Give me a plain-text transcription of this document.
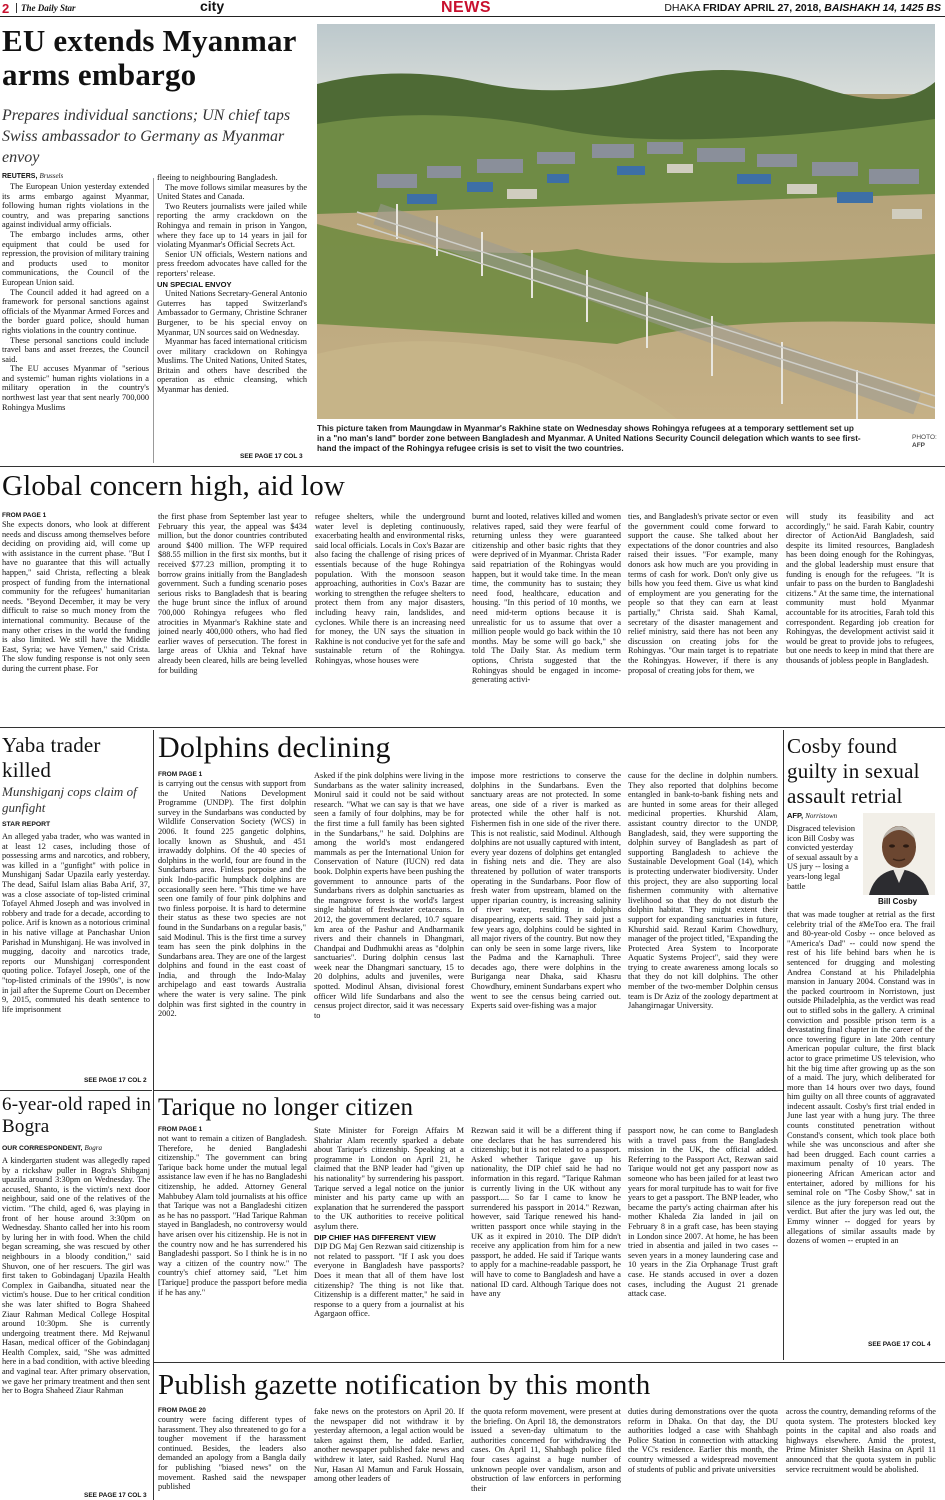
2	The Daily Star	city	NEWS	DHAKA FRIDAY APRIL 27, 2018, BAISHAKH 14, 1425 BS
EU extends Myanmar arms embargo
Prepares individual sanctions; UN chief taps Swiss ambassador to Germany as Myanmar envoy
REUTERS, Brussels

The European Union yesterday extended its arms embargo against Myanmar, following human rights violations in the country, and was preparing sanctions against individual army officials.

The embargo includes arms, other equipment that could be used for repression, the provision of military training and products used to monitor communications, the Council of the European Union said.

The Council added it had agreed on a framework for personal sanctions against officials of the Myanmar Armed Forces and the border guard police, should human rights violations in the country continue.

These personal sanctions could include travel bans and asset freezes, the Council said.

The EU accuses Myanmar of "serious and systemic" human rights violations in a military operation in the country's northwest last year that sent nearly 700,000 Rohingya Muslims

fleeing to neighbouring Bangladesh.

The move follows similar measures by the United States and Canada.

Two Reuters journalists were jailed while reporting the army crackdown on the Rohingya and remain in prison in Yangon, where they face up to 14 years in jail for violating Myanmar's Official Secrets Act.

Senior UN officials, Western nations and press freedom advocates have called for the reporters' release.

UN SPECIAL ENVOY

United Nations Secretary-General Antonio Guterres has tapped Switzerland's Ambassador to Germany, Christine Schraner Burgener, to be his special envoy on Myanmar, UN sources said on Wednesday.

Myanmar has faced international criticism over military crackdown on Rohingya Muslims. The United Nations, United States, Britain and others have described the operation as ethnic cleansing, which Myanmar has denied.

SEE PAGE 17 COL 3
This picture taken from Maungdaw in Myanmar's Rakhine state on Wednesday shows Rohingya refugees at a temporary settlement set up in a "no man's land" border zone between Bangladesh and Myanmar. A United Nations Security Council delegation which wants to see first-hand the impact of the Rohingya refugee crisis is set to visit the two countries.
PHOTO:
AFP
Global concern high, aid low
FROM PAGE 1
She expects donors, who look at different needs and discuss among themselves before deciding on providing aid, will come up with assistance in the current phase. "But I have no guarantee that this will actually happen," said Christa, reflecting a bleak prospect of funding from the international community for the refugees' humanitarian needs. "Beyond December, it may be very difficult to raise so much money from the international community. Because of the many other crises in the world the funding is also limited. We still have the Middle East, Syria; we have Yemen," said Crista. The slow funding response is not only seen during the current phase. For
the first phase from September last year to February this year, the appeal was $434 million, but the donor countries contributed around $400 million. The WFP required $88.55 million in the first six months, but it received $77.23 million, prompting it to borrow grains initially from the Bangladesh government. Such a funding scenario poses serious risks to Bangladesh that is bearing the huge brunt since the influx of around 700,000 Rohingya refugees who fled atrocities in Myanmar's Rakhine state and joined nearly 400,000 others, who had fled earlier waves of persecution. The forest in large areas of Ukhia and Teknaf have already been cleared, hills are being levelled for building
refugee shelters, while the underground water level is depleting continuously, exacerbating health and environmental risks, said local officials. Locals in Cox's Bazar are also facing the challenge of rising prices of essentials because of the huge Rohingya population. With the monsoon season approaching, authorities in Cox's Bazar are working to strengthen the refugee shelters to protect them from any major disasters, including heavy rain, landslides, and cyclones. While there is an increasing need for money, the UN says the situation in Rakhine is not conducive yet for the safe and sustainable return of the Rohingya. Rohingyas, whose houses were
burnt and looted, relatives killed and women relatives raped, said they were fearful of returning unless they were guaranteed citizenship and other basic rights that they were deprived of in Myanmar. Christa Rader said repatriation of the Rohingyas would happen, but it would take time. In the mean time, the community has to sustain; they need food, healthcare, education and housing. "In this period of 10 months, we need mid-term options because it is unrealistic for us to assume that over a million people would go back within the 10 months. May be some will go back," she told The Daily Star. As medium term options, Christa suggested that the Rohingyas should be engaged in income-generating activi-
ties, and Bangladesh's private sector or even the government could come forward to support the cause. She talked about her expectations of the donor countries and also raised their issues. "For example, many donors ask how much are you providing in terms of cash for work. Don't only give us bills how you feed them. Give us what kind of employment are you generating for the people so that they can earn at least partially," Christa said. Shah Kamal, secretary of the disaster management and relief ministry, said there has not been any discussion on creating jobs for the Rohingyas. "Our main target is to repatriate the Rohingyas. However, if there is any proposal of creating jobs for them, we
will study its feasibility and act accordingly," he said. Farah Kabir, country director of ActionAid Bangladesh, said despite its limited resources, Bangladesh has been doing enough for the Rohingyas, and the global leadership must ensure that funding is enough for the refugees. "It is unfair to pass on the burden to Bangladeshi citizens." At the same time, the international community must hold Myanmar accountable for its atrocities, Farah told this correspondent. Regarding job creation for Rohingyas, the development activist said it would be great to provide jobs to refugees, but one needs to keep in mind that there are thousands of jobless people in Bangladesh.
Yaba trader killed
Munshiganj cops claim of gunfight
STAR REPORT
An alleged yaba trader, who was wanted in at least 12 cases, including those of possessing arms and narcotics, and robbery, was killed in a "gunfight" with police in Munshiganj Sadar Upazila early yesterday. The dead, Saiful Islam alias Baba Arif, 37, was a close associate of top-listed criminal Tofayel Ahmed Joseph and was involved in robbery and trade for a decade, according to police. Arif is known as a notorious criminal in his native village at Panchashar Union Parishad in Munshiganj. He was involved in mugging, dacoity and narcotics trade, reports our Munshiganj correspondent quoting police. Tofayel Joseph, one of the "top-listed criminals of the 1990s", is now in jail after the Supreme Court on December 9, 2015, commuted his death sentence to life imprisonment
SEE PAGE 17 COL 2
6-year-old raped in Bogra
OUR CORRESPONDENT, Bogra
A kindergarten student was allegedly raped by a rickshaw puller in Bogra's Shibganj upazila around 3:30pm on Wednesday. The accused, Shanto, is the victim's next door neighbour, said one of the relatives of the victim. "The child, aged 6, was playing in front of her house around 3:30pm on Wednesday. Shanto called her into his room by luring her in with food. When the child began screaming, she was rescued by other neighbours in a bloody condition," said Shuvon, one of her rescuers. The girl was first taken to Gobindaganj Upazila Health Complex in Gaibandha, situated near the victim's house. Due to her critical condition she was later shifted to Bogra Shaheed Ziaur Rahman Medical College Hospital around 10:30pm. She is currently undergoing treatment there. Md Rejwanul Hasan, medical officer of the Gobindaganj Health Complex, said, "She was admitted here in a bad condition, with active bleeding and vaginal tear. After primary observation, we gave her primary treatment and then sent her to Bogra Shaheed Ziaur Rahman
SEE PAGE 17 COL 3
Dolphins declining
FROM PAGE 1
is carrying out the census with support from the United Nations Development Programme (UNDP). The first dolphin survey in the Sundarbans was conducted by Wildlife Conservation Society (WCS) in 2006. It found 225 gangetic dolphins, locally known as Shushuk, and 451 irrawaddy dolphins. Of the 40 species of dolphins in the world, four are found in the Sundarbans area. Finless porpoise and the pink Indo-pacific humpback dolphins are occasionally seen here. "This time we have seen one family of four pink dolphins and two finless porpoise. It is hard to determine their status as these two species are not found in the Sundarbans on a regular basis," said Modinul. This is the first time a survey team has seen the pink dolphins in the Sundarbans area. They are one of the largest dolphins and found in the east coast of India, and through the Indo-Malay archipelago and east towards Australia where the water is very saline. The pink dolphin was first sighted in the country in 2002.
Asked if the pink dolphins were living in the Sundarbans as the water salinity increased, Monirul said it could not be said without research. "What we can say is that we have seen a family of four dolphins, may be for the first time a full family has been sighted in the Sundarbans," he said. Dolphins are among the world's most endangered mammals as per the International Union for Conservation of Nature (IUCN) red data book. Dolphin experts have been pushing the government to announce parts of the Sundarbans rivers as dolphin sanctuaries as the mangrove forest is the world's largest single habitat of freshwater cetaceans. In 2012, the government declared, 10.7 square km area of the Pashur and Andharmanik rivers and their channels in Dhangmari, Chandpai and Dudhmukhi areas as "dolphin sanctuaries". During dolphin census last week near the Dhangmari sanctuary, 15 to 20 dolphins, adults and juveniles, were spotted. Modinul Ahsan, divisional forest officer Wild life Sundarbans and also the census project director, said it was necessary to
impose more restrictions to conserve the dolphins in the Sundarbans. Even the sanctuary areas are not protected. In some areas, one side of a river is marked as protected while the other half is not. Fishermen fish in one side of the river there. This is not realistic, said Modinul. Although dolphins are not usually captured with intent, every year dozens of dolphins get entangled in fishing nets and die. They are also threatened by pollution of water transports operating in the Sundarbans. Poor flow of fresh water from upstream, blamed on the upper riparian country, is increasing salinity of river water, resulting in dolphins disappearing, experts said. They said just a few years ago, dolphins could be sighted in all major rivers of the country. But now they can only be seen in some large rivers, like the Padma and the Karnaphuli. Three decades ago, there were dolphins in the Buriganga near Dhaka, said Khasru Chowdhury, eminent Sundarbans expert who went to see the census being carried out. Experts said over-fishing was a major
cause for the decline in dolphin numbers. They also reported that dolphins become entangled in bank-to-bank fishing nets and are hunted in some areas for their alleged medicinal properties. Khurshid Alam, assistant country director to the UNDP, Bangladesh, said, they were supporting the dolphin survey of Bangladesh as part of supporting Bangladesh to achieve the Sustainable Development Goal (14), which is protecting underwater biodiversity. Under this project, they are also supporting local fishermen community with alternative livelihood so that they do not disturb the dolphin habitat. They might extent their support for expanding sanctuaries in future, Khurshid said. Rezaul Karim Chowdhury, manager of the project titled, "Expanding the Protected Area System to Incorporate Aquatic Systems Project", said they were trying to create awareness among locals so that they do not kill dolphins. The other member of the two-member Dolphin census team is Dr Aziz of the zoology department at Jahangirnagar University.
Cosby found guilty in sexual assault retrial
AFP, Norristown
Disgraced television icon Bill Cosby was convicted yesterday of sexual assault by a US jury -- losing a years-long legal battle
Bill Cosby
that was made tougher at retrial as the first celebrity trial of the #MeToo era. The frail and 80-year-old Cosby -- once beloved as "America's Dad" -- could now spend the rest of his life behind bars when he is sentenced for drugging and molesting Andrea Constand at his Philadelphia mansion in January 2004. Constand was in the packed courtroom in Norristown, just outside Philadelphia, as the verdict was read out to stifled sobs in the gallery. A criminal conviction and possible prison term is a devastating final chapter in the career of the once towering figure in late 20th century American popular culture, the first black actor to grace primetime US television, who hit the big time after growing up as the son of a maid. The jury, which deliberated for more than 14 hours over two days, found him guilty on all three counts of aggravated indecent assault. Cosby's first trial ended in June last year with a hung jury. The three counts constituted penetration without Constand's consent, which took place both while she was unconscious and after she had been drugged. Each count carries a maximum penalty of 10 years. The pioneering African American actor and entertainer, adored by millions for his seminal role on "The Cosby Show," sat in silence as the jury foreperson read out the verdict. But after the jury was led out, the Emmy winner -- dogged for years by allegations of similar assaults made by dozens of women -- erupted in an
SEE PAGE 17 COL 4
Tarique no longer citizen
FROM PAGE 1
not want to remain a citizen of Bangladesh. Therefore, he denied Bangladeshi citizenship." The government can bring Tarique back home under the mutual legal assistance law even if he has no Bangladeshi citizenship, he added. Attorney General Mahbubey Alam told journalists at his office that Tarique was not a Bangladeshi citizen as he has no passport. "Had Tarique Rahman stayed in Bangladesh, no controversy would have arisen over his citizenship. He is not in the country now and he has surrendered his Bangladeshi passport. So I think he is in no way a citizen of the country now." The country's chief attorney said, "Let him [Tarique] produce the passport before media if he has any."

State Minister for Foreign Affairs M Shahriar Alam recently sparked a debate about Tarique's citizenship. Speaking at a programme in London on April 21, he claimed that the BNP leader had "given up his nationality" by surrendering his passport. Tarique served a legal notice on the junior minister and his party came up with an explanation that he surrendered the passport to the UK authorities to receive political asylum there.

DIP CHIEF HAS DIFFERENT VIEW

DIP DG Maj Gen Rezwan said citizenship is not related to passport. "If I ask you does everyone in Bangladesh have passports? Does it mean that all of them have lost citizenship? The thing is not like that. Citizenship is a different matter," he said in response to a query from a journalist at his Agargaon office.

Rezwan said it will be a different thing if one declares that he has surrendered his citizenship; but it is not related to a passport. Asked whether Tarique gave up his nationality, the DIP chief said he had no information in this regard. "Tarique Rahman is currently living in the UK without any passport..... So far I came to know he surrendered his passport in 2014." Rezwan, however, said Tarique renewed his hand-written passport once while staying in the UK as it expired in 2010. The DIP didn't receive any application from him for a new passport, he added. He said if Tarique wants to apply for a machine-readable passport, he will have to come to Bangladesh and have a national ID card. Although Tarique does not have any
passport now, he can come to Bangladesh with a travel pass from the Bangladesh mission in the UK, the official added. Referring to the Passport Act, Rezwan said Tarique would not get any passport now as someone who has been jailed for at least two years for moral turpitude has to wait for five years to get a passport. The BNP leader, who became the party's acting chairman after his mother Khaleda Zia landed in jail on February 8 in a graft case, has been staying in London since 2007. At home, he has been tried in absentia and jailed in two cases -- seven years in a money laundering case and 10 years in the Zia Orphanage Trust graft case. He stands accused in over a dozen cases, including the August 21 grenade attack case.
Publish gazette notification by this month
FROM PAGE 20
country were facing different types of harassment. They also threatened to go for a tougher movement if the harassment continued. Besides, the leaders also demanded an apology from a Bangla daily for publishing "biased news" on the movement. Rashed said the newspaper published
fake news on the protestors on April 20. If the newspaper did not withdraw it by yesterday afternoon, a legal action would be taken against them, he added. Earlier, another newspaper published fake news and withdrew it later, said Rashed. Nurul Haq Nur, Hasan Al Mamun and Faruk Hossain, among other leaders of
the quota reform movement, were present at the briefing. On April 18, the demonstrators issued a seven-day ultimatum to the authorities concerned for withdrawing the cases. On April 11, Shahbagh police filed four cases against a huge number of unknown people over vandalism, arson and obstruction of law enforcers in performing their
duties during demonstrations over the quota reform in Dhaka. On that day, the DU authorities lodged a case with Shahbagh Police Station in connection with attacking the VC's residence. Earlier this month, the country witnessed a widespread movement of students of public and private universities
across the country, demanding reforms of the quota system. The protesters blocked key points in the capital and also roads and highways elsewhere. Amid the protest, Prime Minister Sheikh Hasina on April 11 announced that the quota system in public service recruitment would be abolished.
